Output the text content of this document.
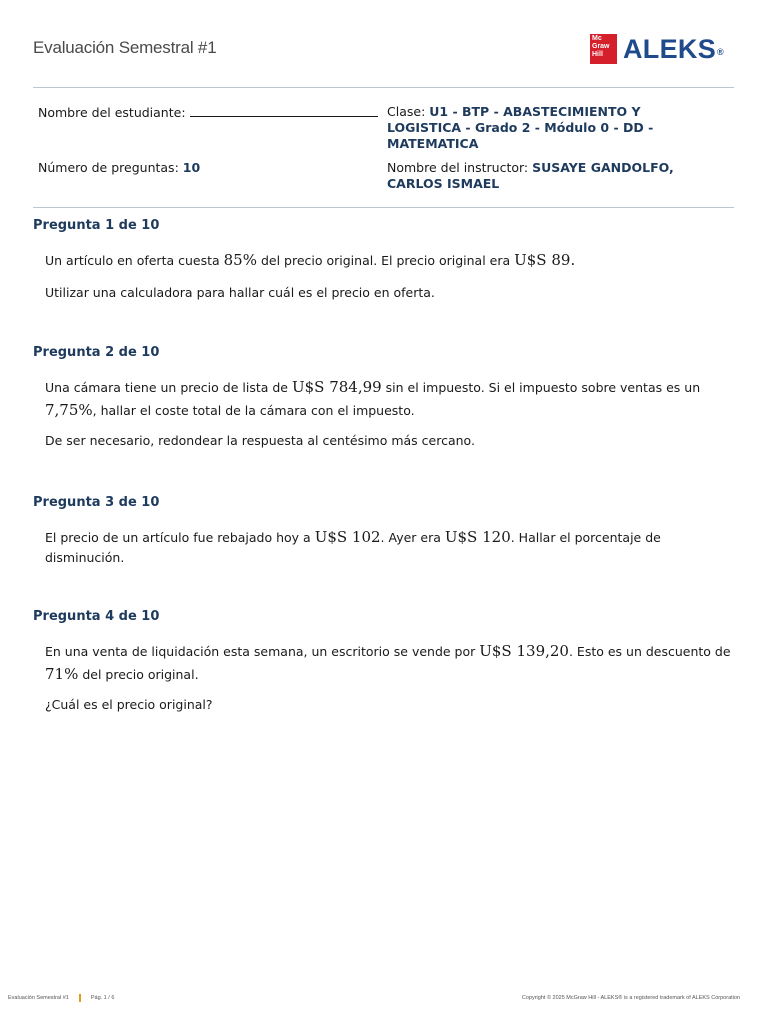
Evaluación Semestral #1	Mc Graw Hill ALEKS®
Nombre del estudiante:
Número de preguntas: 10
Clase: U1 - BTP - ABASTECIMIENTO Y LOGISTICA - Grado 2 - Módulo 0 - DD - MATEMATICA
Nombre del instructor: SUSAYE GANDOLFO, CARLOS ISMAEL
Pregunta 1 de 10
Un artículo en oferta cuesta 85% del precio original. El precio original era U$S 89.
Utilizar una calculadora para hallar cuál es el precio en oferta.
Pregunta 2 de 10
Una cámara tiene un precio de lista de U$S 784,99 sin el impuesto. Si el impuesto sobre ventas es un
7,75%, hallar el coste total de la cámara con el impuesto.
De ser necesario, redondear la respuesta al centésimo más cercano.
Pregunta 3 de 10
El precio de un artículo fue rebajado hoy a U$S 102. Ayer era U$S 120. Hallar el porcentaje de disminución.
Pregunta 4 de 10
En una venta de liquidación esta semana, un escritorio se vende por U$S 139,20. Esto es un descuento de
71% del precio original.
¿Cuál es el precio original?
Evaluación Semestral #1	Pág. 1 / 6	Copyright © 2025 McGraw Hill - ALEKS® is a registered trademark of ALEKS Corporation
